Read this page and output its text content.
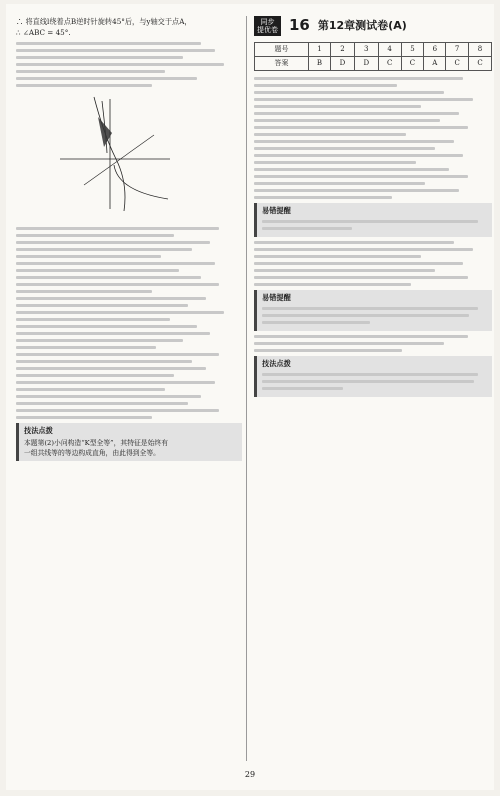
∴ 将直线l绕着点B逆时针旋转45°后，与y轴交于点A，
∴ ∠ABC = 45°.
技法点拨
本题第(2)小问构造“K型全等”，其特征是始终有
一组共线等的等边构成直角，由此得到全等。
同步
提优卷 16 第12章测试卷(A)
题号	1	2	3	4	5	6	7	8
答案	B	D	D	C	C	A	C	C
易错提醒
易错提醒
技法点拨
29
